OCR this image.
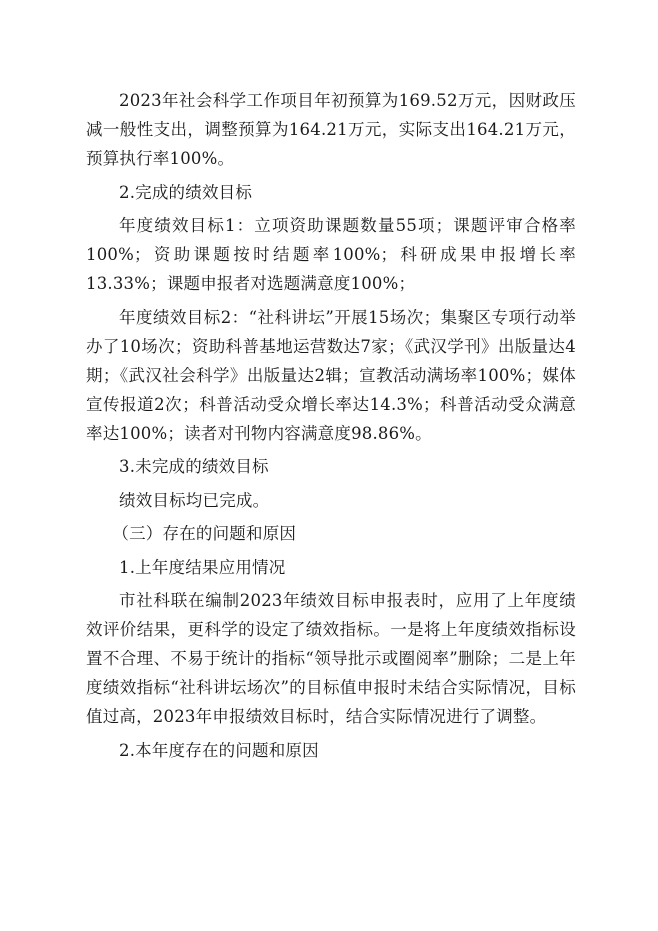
2023年社会科学工作项目年初预算为169.52万元，因财政压减一般性支出，调整预算为164.21万元，实际支出164.21万元，预算执行率100%。

2.完成的绩效目标

年度绩效目标1：立项资助课题数量55项；课题评审合格率100%；资助课题按时结题率100%；科研成果申报增长率13.33%；课题申报者对选题满意度100%；

年度绩效目标2：“社科讲坛”开展15场次；集聚区专项行动举办了10场次；资助科普基地运营数达7家；《武汉学刊》出版量达4期；《武汉社会科学》出版量达2辑；宣教活动满场率100%；媒体宣传报道2次；科普活动受众增长率达14.3%；科普活动受众满意率达100%；读者对刊物内容满意度98.86%。

3.未完成的绩效目标

绩效目标均已完成。

（三）存在的问题和原因

1.上年度结果应用情况

市社科联在编制2023年绩效目标申报表时，应用了上年度绩效评价结果，更科学的设定了绩效指标。一是将上年度绩效指标设置不合理、不易于统计的指标“领导批示或圈阅率”删除；二是上年度绩效指标“社科讲坛场次”的目标值申报时未结合实际情况，目标值过高，2023年申报绩效目标时，结合实际情况进行了调整。

2.本年度存在的问题和原因
